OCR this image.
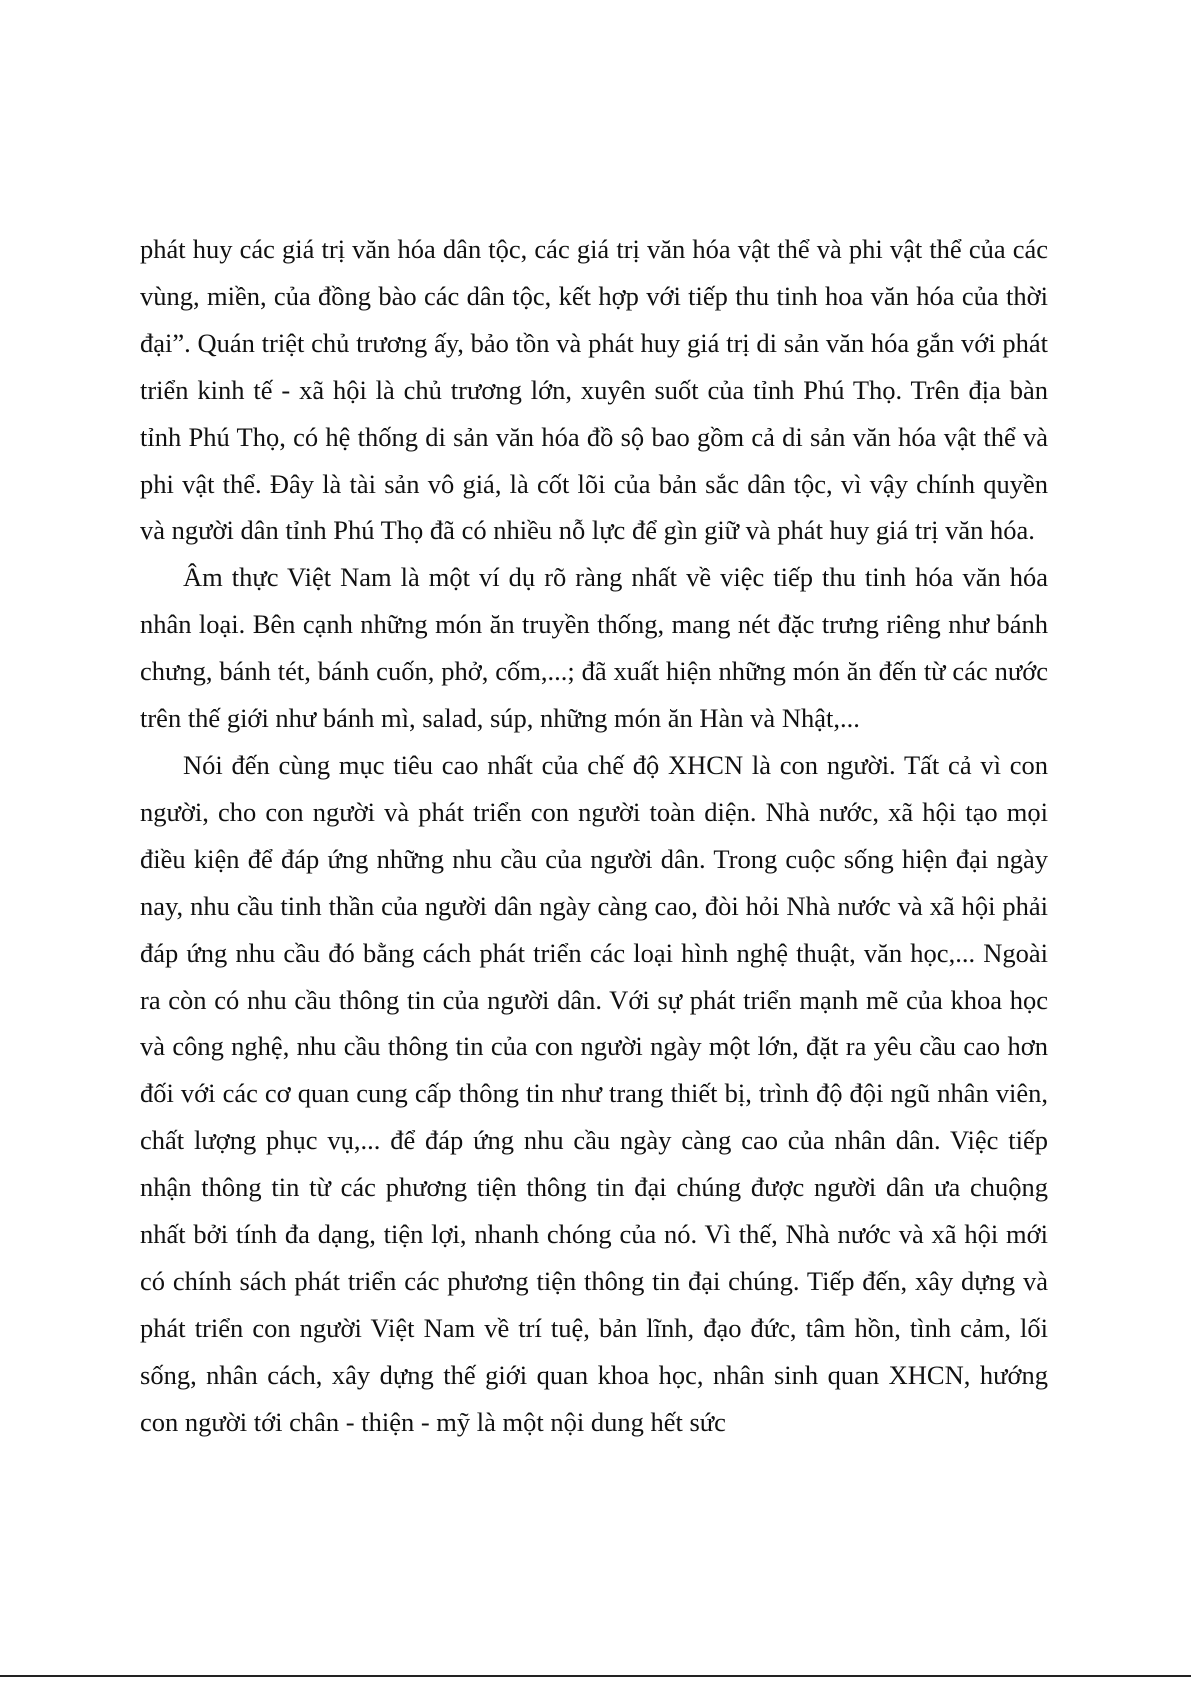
phát huy các giá trị văn hóa dân tộc, các giá trị văn hóa vật thể và phi vật thể của các vùng, miền, của đồng bào các dân tộc, kết hợp với tiếp thu tinh hoa văn hóa của thời đại”. Quán triệt chủ trương ấy, bảo tồn và phát huy giá trị di sản văn hóa gắn với phát triển kinh tế - xã hội là chủ trương lớn, xuyên suốt của tỉnh Phú Thọ. Trên địa bàn tỉnh Phú Thọ, có hệ thống di sản văn hóa đồ sộ bao gồm cả di sản văn hóa vật thể và phi vật thể. Đây là tài sản vô giá, là cốt lõi của bản sắc dân tộc, vì vậy chính quyền và người dân tỉnh Phú Thọ đã có nhiều nỗ lực để gìn giữ và phát huy giá trị văn hóa.

Âm thực Việt Nam là một ví dụ rõ ràng nhất về việc tiếp thu tinh hóa văn hóa nhân loại. Bên cạnh những món ăn truyền thống, mang nét đặc trưng riêng như bánh chưng, bánh tét, bánh cuốn, phở, cốm,...; đã xuất hiện những món ăn đến từ các nước trên thế giới như bánh mì, salad, súp, những món ăn Hàn và Nhật,...

Nói đến cùng mục tiêu cao nhất của chế độ XHCN là con người. Tất cả vì con người, cho con người và phát triển con người toàn diện. Nhà nước, xã hội tạo mọi điều kiện để đáp ứng những nhu cầu của người dân. Trong cuộc sống hiện đại ngày nay, nhu cầu tinh thần của người dân ngày càng cao, đòi hỏi Nhà nước và xã hội phải đáp ứng nhu cầu đó bằng cách phát triển các loại hình nghệ thuật, văn học,... Ngoài ra còn có nhu cầu thông tin của người dân. Với sự phát triển mạnh mẽ của khoa học và công nghệ, nhu cầu thông tin của con người ngày một lớn, đặt ra yêu cầu cao hơn đối với các cơ quan cung cấp thông tin như trang thiết bị, trình độ đội ngũ nhân viên, chất lượng phục vụ,... để đáp ứng nhu cầu ngày càng cao của nhân dân. Việc tiếp nhận thông tin từ các phương tiện thông tin đại chúng được người dân ưa chuộng nhất bởi tính đa dạng, tiện lợi, nhanh chóng của nó. Vì thế, Nhà nước và xã hội mới có chính sách phát triển các phương tiện thông tin đại chúng. Tiếp đến, xây dựng và phát triển con người Việt Nam về trí tuệ, bản lĩnh, đạo đức, tâm hồn, tình cảm, lối sống, nhân cách, xây dựng thế giới quan khoa học, nhân sinh quan XHCN, hướng con người tới chân - thiện - mỹ là một nội dung hết sức
